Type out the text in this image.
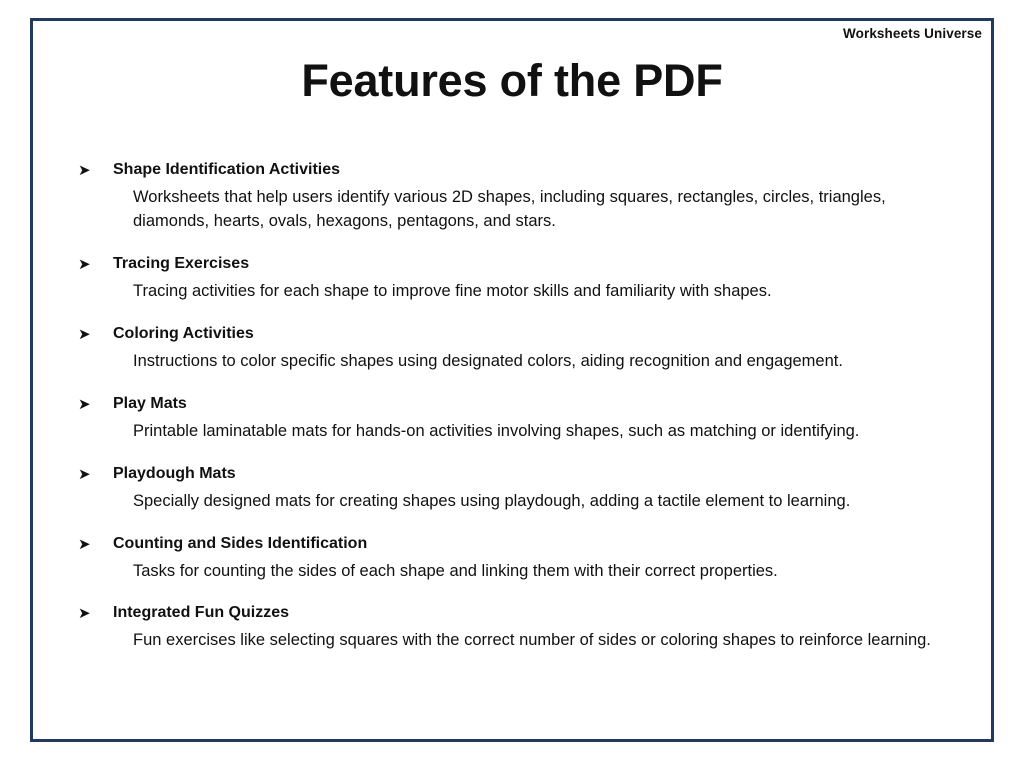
Worksheets Universe
Features of the PDF
➤	Shape Identification Activities
Worksheets that help users identify various 2D shapes, including squares, rectangles, circles, triangles, diamonds, hearts, ovals, hexagons, pentagons, and stars.
➤	Tracing Exercises
Tracing activities for each shape to improve fine motor skills and familiarity with shapes.
➤	Coloring Activities
Instructions to color specific shapes using designated colors, aiding recognition and engagement.
➤	Play Mats
Printable laminatable mats for hands-on activities involving shapes, such as matching or identifying.
➤	Playdough Mats
Specially designed mats for creating shapes using playdough, adding a tactile element to learning.
➤	Counting and Sides Identification
Tasks for counting the sides of each shape and linking them with their correct properties.
➤	Integrated Fun Quizzes
Fun exercises like selecting squares with the correct number of sides or coloring shapes to reinforce learning.
